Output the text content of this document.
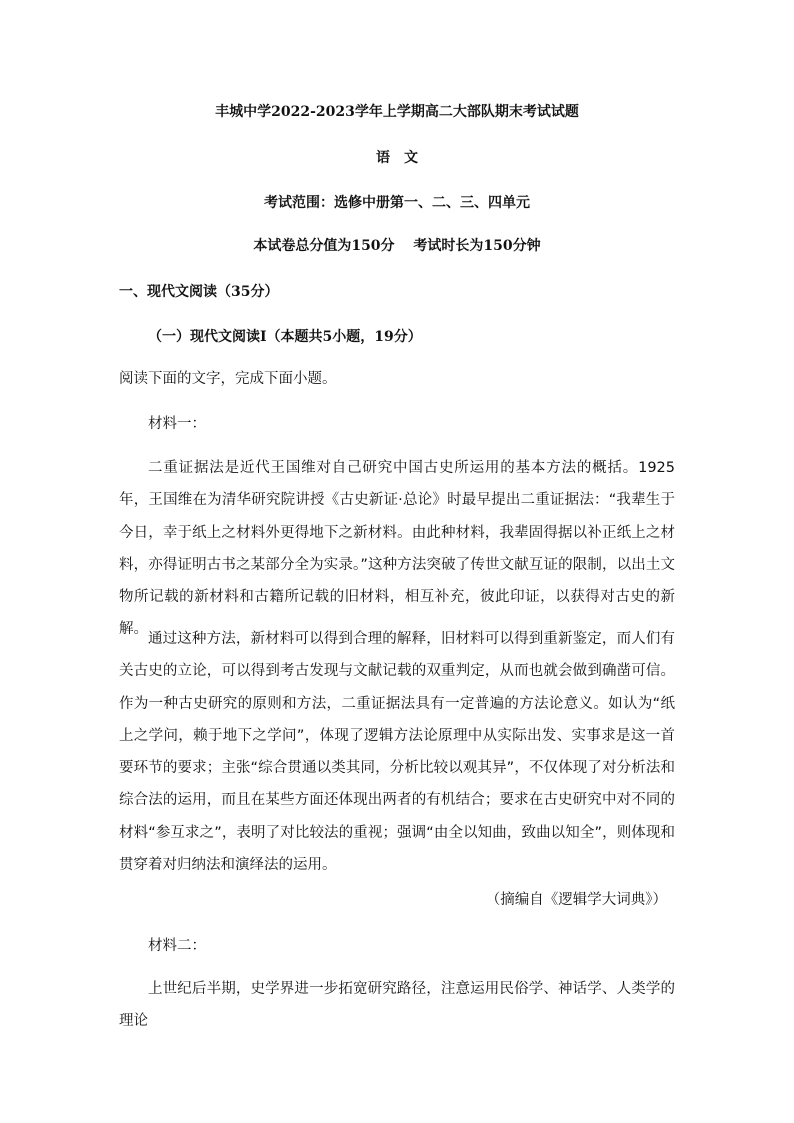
丰城中学2022-2023学年上学期高二大部队期末考试试题

语　文

考试范围：选修中册第一、二、三、四单元

本试卷总分值为150分　 考试时长为150分钟

一、现代文阅读（35分）

（一）现代文阅读Ⅰ（本题共5小题，19分）

阅读下面的文字，完成下面小题。

材料一：

二重证据法是近代王国维对自己研究中国古史所运用的基本方法的概括。1925年，王国维在为清华研究院讲授《古史新证·总论》时最早提出二重证据法：“我辈生于今日，幸于纸上之材料外更得地下之新材料。由此种材料，我辈固得据以补正纸上之材料，亦得证明古书之某部分全为实录。”这种方法突破了传世文献互证的限制，以出土文物所记载的新材料和古籍所记载的旧材料，相互补充，彼此印证，以获得对古史的新解。

通过这种方法，新材料可以得到合理的解释，旧材料可以得到重新鉴定，而人们有关古史的立论，可以得到考古发现与文献记载的双重判定，从而也就会做到确凿可信。作为一种古史研究的原则和方法，二重证据法具有一定普遍的方法论意义。如认为“纸上之学问，赖于地下之学问”，体现了逻辑方法论原理中从实际出发、实事求是这一首要环节的要求；主张“综合贯通以类其同，分析比较以观其异”，不仅体现了对分析法和综合法的运用，而且在某些方面还体现出两者的有机结合；要求在古史研究中对不同的材料“参互求之”，表明了对比较法的重视；强调“由全以知曲，致曲以知全”，则体现和贯穿着对归纳法和演绎法的运用。

（摘编自《逻辑学大词典》）

材料二：

上世纪后半期，史学界进一步拓宽研究路径，注意运用民俗学、神话学、人类学的理论
